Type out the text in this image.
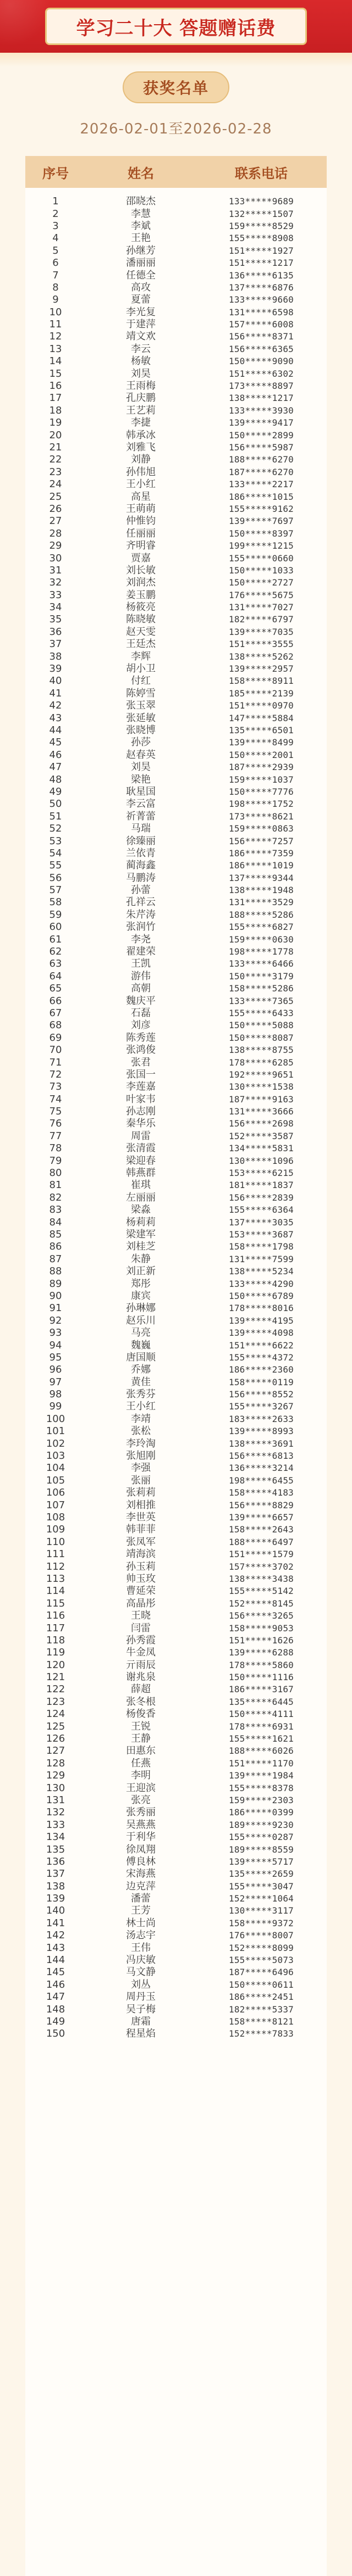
学习二十大 答题赠话费
获奖名单
2026-02-01至2026-02-28
序号	姓名	联系电话
1	邵晓杰	133*****9689
2	李慧	132*****1507
3	李斌	159*****8529
4	王艳	155*****8908
5	孙继芳	151*****1927
6	潘丽丽	151*****1217
7	任德全	136*****6135
8	高攻	137*****6876
9	夏蕾	133*****9660
10	李光复	131*****6598
11	于建萍	157*****6008
12	靖文欢	156*****8371
13	李云	156*****6365
14	杨敏	150*****9090
15	刘昊	151*****6302
16	王雨梅	173*****8897
17	孔庆鹏	138*****1217
18	王艺莉	133*****3930
19	李捷	139*****9417
20	韩承冰	150*****2899
21	刘雅飞	156*****5987
22	刘静	188*****6270
23	孙伟旭	187*****6270
24	王小红	133*****2217
25	高星	186*****1015
26	王萌萌	155*****9162
27	仲惟钧	139*****7697
28	任丽丽	150*****8397
29	齐明睿	199*****1215
30	贾嘉	155*****0660
31	刘长敏	150*****1033
32	刘润杰	150*****2727
33	姜玉鹏	176*****5675
34	杨筱亮	131*****7027
35	陈晓敏	182*****6797
36	赵天雯	139*****7035
37	王廷杰	151*****3555
38	李辉	138*****5262
39	胡小卫	139*****2957
40	付红	158*****8911
41	陈婷雪	185*****2139
42	张玉翠	151*****0970
43	张延敏	147*****5884
44	张晓博	135*****6501
45	孙莎	139*****8499
46	赵春英	150*****2001
47	刘昊	187*****2939
48	梁艳	159*****1037
49	耿星国	150*****7776
50	李云富	198*****1752
51	祈菁蕾	173*****8621
52	马瑞	159*****0863
53	徐臻丽	156*****7257
54	兰依青	186*****7359
55	蔺海鑫	186*****1019
56	马鹏涛	137*****9344
57	孙蕾	138*****1948
58	孔祥云	131*****3529
59	朱芹涛	188*****5286
60	张润竹	155*****6827
61	李尧	159*****0630
62	翟建荣	198*****1778
63	王凯	133*****6466
64	游伟	150*****3179
65	高朝	158*****5286
66	魏庆平	133*****7365
67	石磊	155*****6433
68	刘彦	150*****5088
69	陈秀莲	150*****8087
70	张鸿俊	138*****8755
71	张君	178*****6285
72	张国一	192*****9651
73	李莲嘉	130*****1538
74	叶家韦	187*****9163
75	孙志刚	131*****3666
76	秦华乐	156*****2698
77	周雷	152*****3587
78	张清霞	134*****5831
79	梁迎春	130*****1096
80	韩燕群	153*****6215
81	崔琪	181*****1837
82	左丽丽	156*****2839
83	梁淼	155*****6364
84	杨莉莉	137*****3035
85	梁建军	153*****3687
86	刘桂芝	158*****1798
87	朱静	131*****7599
88	刘正新	138*****5234
89	郑彤	133*****4290
90	康宾	150*****6789
91	孙琳娜	178*****8016
92	赵乐川	139*****4195
93	马亮	139*****4098
94	魏巍	151*****6622
95	唐国顺	155*****4372
96	乔娜	186*****2360
97	黄佳	158*****0119
98	张秀芬	156*****8552
99	王小红	155*****3267
100	李靖	183*****2633
101	张松	139*****8993
102	李玲淘	138*****3691
103	张旭刚	156*****6813
104	李强	136*****3214
105	张丽	198*****6455
106	张莉莉	158*****4183
107	刘相推	156*****8829
108	李世英	139*****6657
109	韩菲菲	158*****2643
110	张凤军	188*****6497
111	靖海滨	151*****1579
112	孙玉莉	157*****3702
113	帅玉玫	138*****3438
114	曹延荣	155*****5142
115	高晶彤	152*****8145
116	王晓	156*****3265
117	闫雷	158*****9053
118	孙秀霞	151*****1626
119	牛金凤	139*****6288
120	亓雨辰	178*****5860
121	谢兆泉	150*****1116
122	薛超	186*****3167
123	张冬根	135*****6445
124	杨俊香	150*****4111
125	王锐	178*****6931
126	王静	155*****1621
127	田惠东	188*****6026
128	任燕	151*****1170
129	李明	139*****1984
130	王迎滨	155*****8378
131	张亮	159*****2303
132	张秀丽	186*****0399
133	吴燕燕	189*****9230
134	于利华	155*****0287
135	徐凤翔	189*****8559
136	傅良林	139*****5717
137	宋海燕	135*****2659
138	边克萍	155*****3047
139	潘蕾	152*****1064
140	王芳	130*****3117
141	林士尚	158*****9372
142	汤志宇	176*****8007
143	王伟	152*****8099
144	冯庆敏	155*****5073
145	马文静	187*****6496
146	刘丛	150*****0611
147	周丹玉	186*****2451
148	吴子梅	182*****5337
149	唐霜	158*****8121
150	程星焰	152*****7833
